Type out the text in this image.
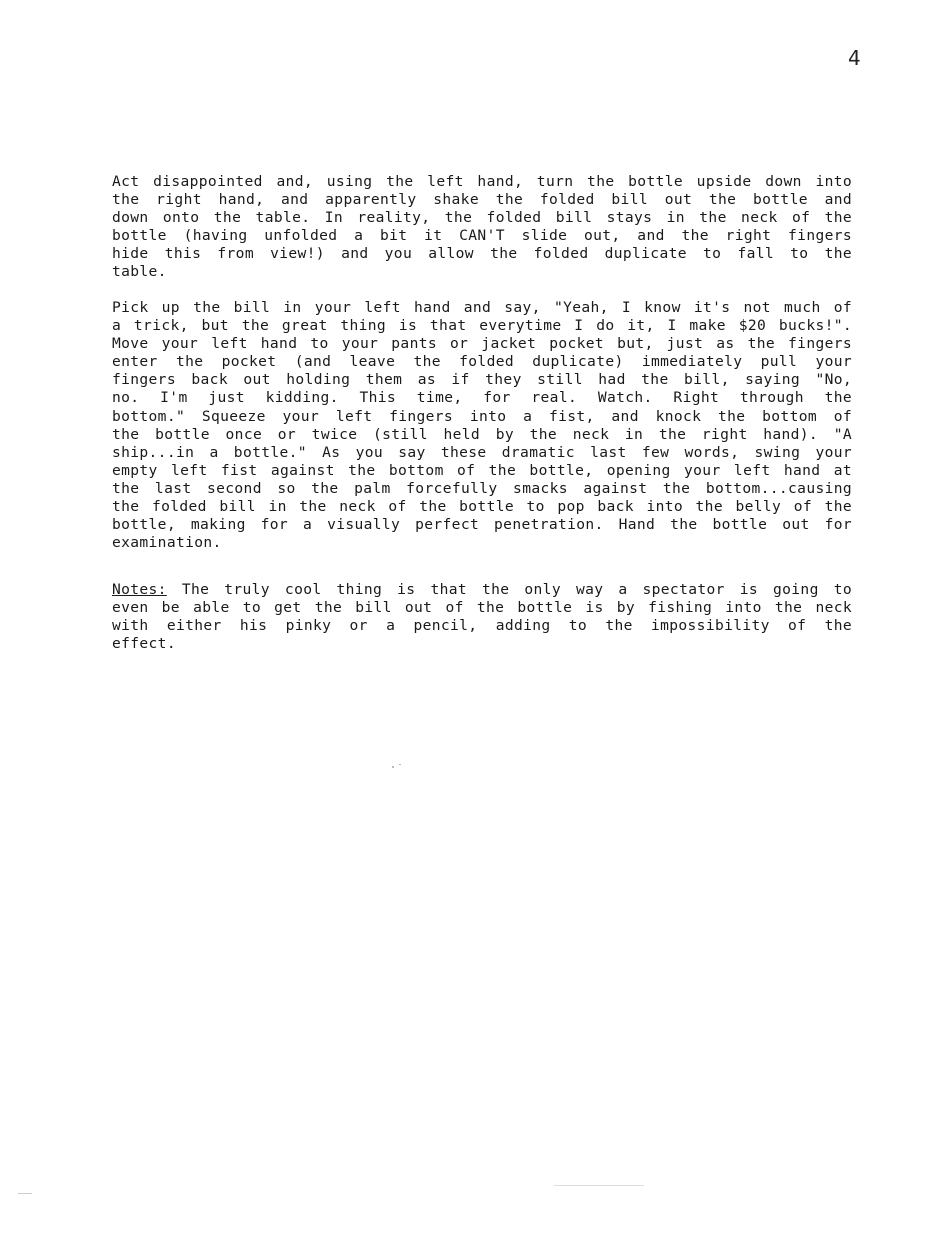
4
Act disappointed and, using the left hand, turn the bottle upside down into
the right hand, and apparently shake the folded bill out the bottle and
down onto the table. In reality, the folded bill stays in the neck of the
bottle (having unfolded a bit it CAN'T slide out, and the right fingers
hide this from view!) and you allow the folded duplicate to fall to the
table.
Pick up the bill in your left hand and say, "Yeah, I know it's not much of
a trick, but the great thing is that everytime I do it, I make $20 bucks!".
Move your left hand to your pants or jacket pocket but, just as the fingers
enter the pocket (and leave the folded duplicate) immediately pull your
fingers back out holding them as if they still had the bill, saying "No,
no. I'm just kidding. This time, for real. Watch. Right through the
bottom." Squeeze your left fingers into a fist, and knock the bottom of
the bottle once or twice (still held by the neck in the right hand). "A
ship...in a bottle." As you say these dramatic last few words, swing your
empty left fist against the bottom of the bottle, opening your left hand at
the last second so the palm forcefully smacks against the bottom...causing
the folded bill in the neck of the bottle to pop back into the belly of the
bottle, making for a visually perfect penetration. Hand the bottle out for
examination.
Notes: The truly cool thing is that the only way a spectator is going to
even be able to get the bill out of the bottle is by fishing into the neck
with either his pinky or a pencil, adding to the impossibility of the
effect.
